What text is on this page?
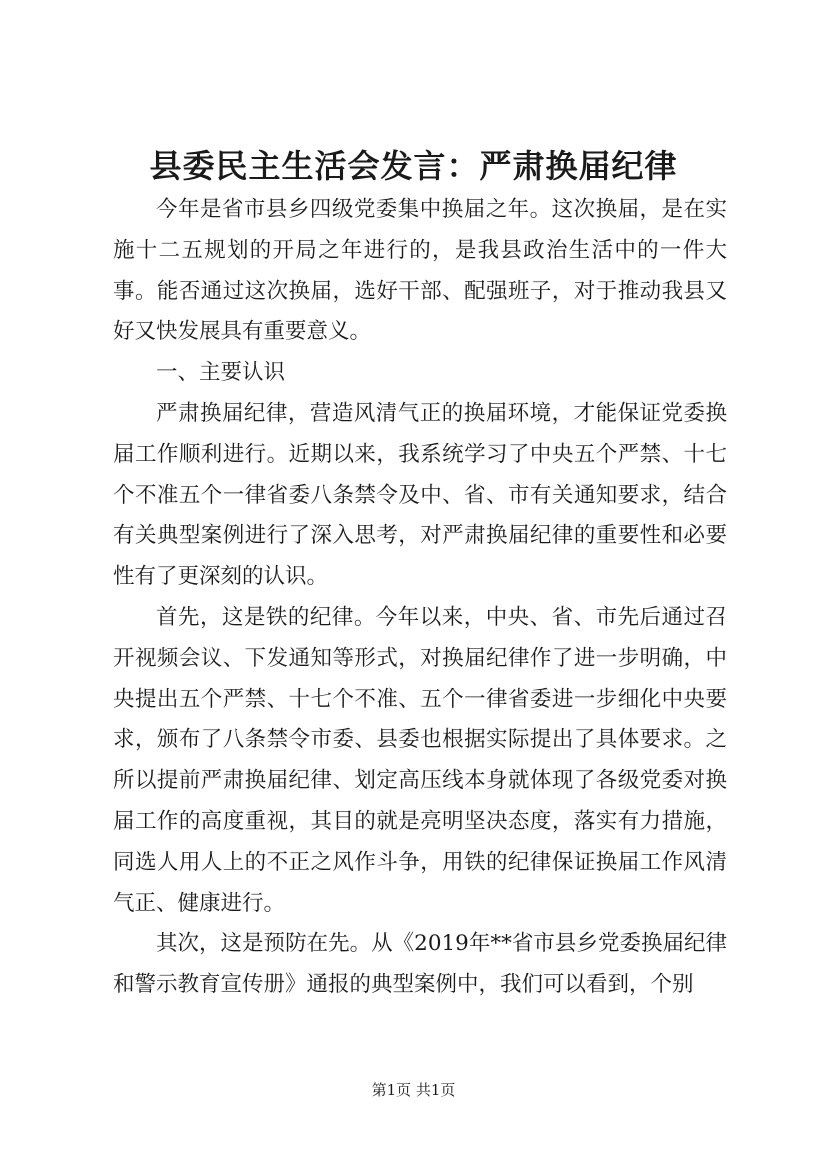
县委民主生活会发言：严肃换届纪律

今年是省市县乡四级党委集中换届之年。这次换届，是在实施十二五规划的开局之年进行的，是我县政治生活中的一件大事。能否通过这次换届，选好干部、配强班子，对于推动我县又好又快发展具有重要意义。

一、主要认识

严肃换届纪律，营造风清气正的换届环境，才能保证党委换届工作顺利进行。近期以来，我系统学习了中央五个严禁、十七个不准五个一律省委八条禁令及中、省、市有关通知要求，结合有关典型案例进行了深入思考，对严肃换届纪律的重要性和必要性有了更深刻的认识。

首先，这是铁的纪律。今年以来，中央、省、市先后通过召开视频会议、下发通知等形式，对换届纪律作了进一步明确，中央提出五个严禁、十七个不准、五个一律省委进一步细化中央要求，颁布了八条禁令市委、县委也根据实际提出了具体要求。之所以提前严肃换届纪律、划定高压线本身就体现了各级党委对换届工作的高度重视，其目的就是亮明坚决态度，落实有力措施，同选人用人上的不正之风作斗争，用铁的纪律保证换届工作风清气正、健康进行。

其次，这是预防在先。从《2019年**省市县乡党委换届纪律和警示教育宣传册》通报的典型案例中，我们可以看到，个别

第1页 共1页
